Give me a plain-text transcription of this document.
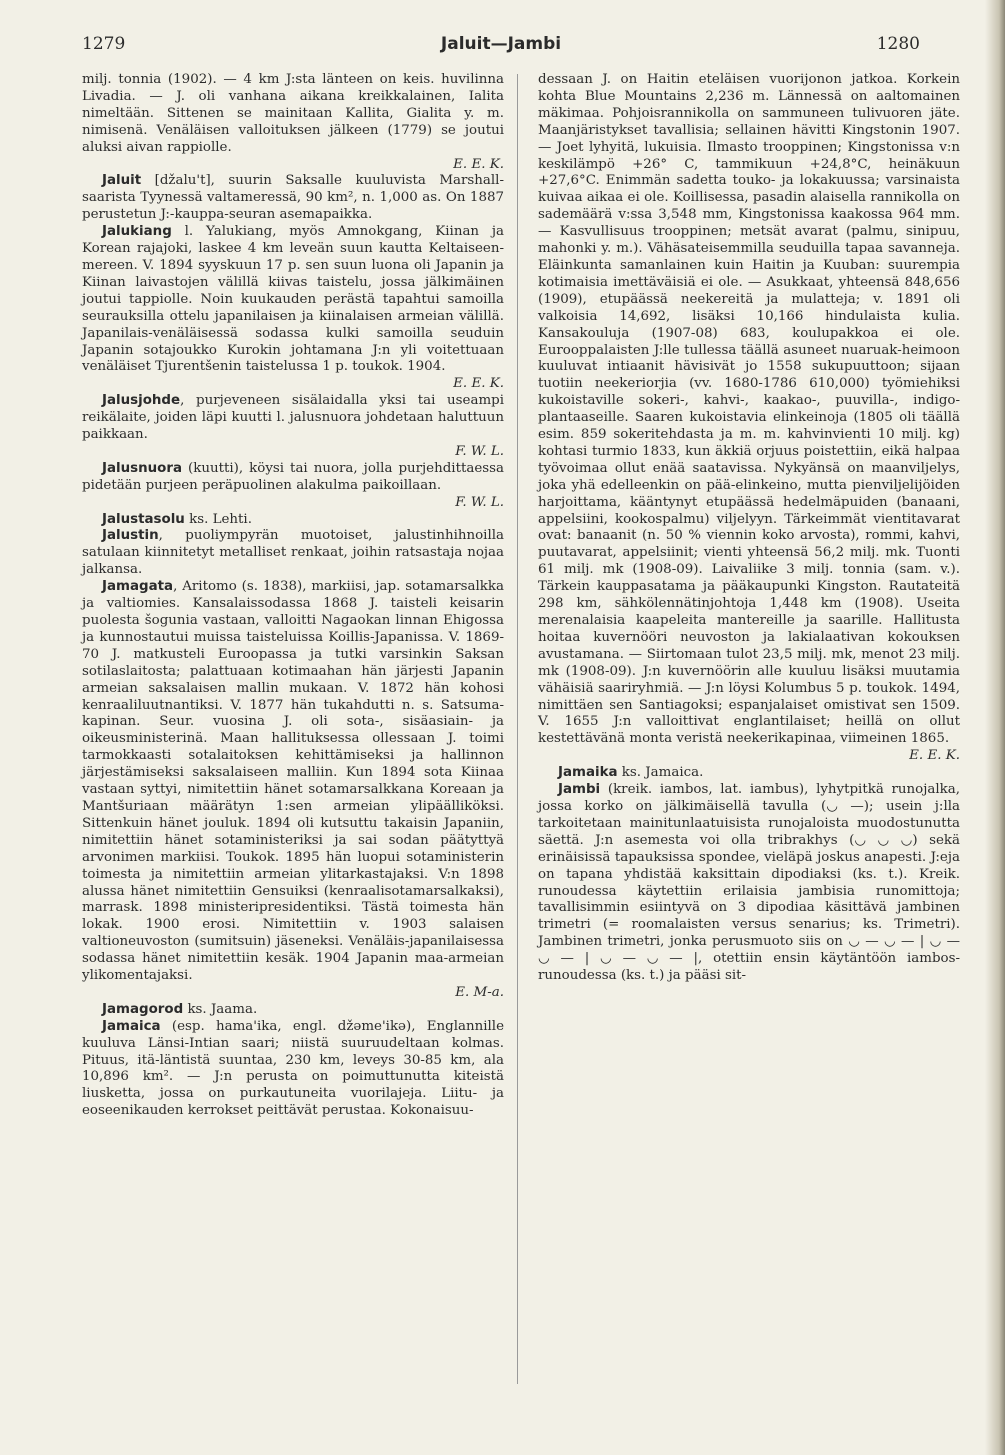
1279	Jaluit—Jambi	1280

milj. tonnia (1902). — 4 km J:sta länteen on keis. huvilinna Livadia. — J. oli vanhana aikana kreikkalainen, Ialita nimeltään. Sittenen se mainitaan Kallita, Gialita y. m. nimisenä. Venäläisen valloituksen jälkeen (1779) se joutui aluksi aivan rappiolle.

E. E. K.

Jaluit [džalu't], suurin Saksalle kuuluvista Marshall-saarista Tyynessä valtameressä, 90 km², n. 1,000 as. On 1887 perustetun J:-kauppa-seuran asemapaikka.

Jalukiang l. Yalukiang, myös Amnokgang, Kiinan ja Korean rajajoki, laskee 4 km leveän suun kautta Keltaiseen-mereen. V. 1894 syyskuun 17 p. sen suun luona oli Japanin ja Kiinan laivastojen välillä kiivas taistelu, jossa jälkimäinen joutui tappiolle. Noin kuukauden perästä tapahtui samoilla seurauksilla ottelu japanilaisen ja kiinalaisen armeian välillä. Japanilais-venäläisessä sodassa kulki samoilla seuduin Japanin sotajoukko Kurokin johtamana J:n yli voitettuaan venäläiset Tjurentšenin taistelussa 1 p. toukok. 1904.

E. E. K.

Jalusjohde, purjeveneen sisälaidalla yksi tai useampi reikälaite, joiden läpi kuutti l. jalusnuora johdetaan haluttuun paikkaan.

F. W. L.

Jalusnuora (kuutti), köysi tai nuora, jolla purjehdittaessa pidetään purjeen peräpuolinen alakulma paikoillaan.

F. W. L.

Jalustasolu ks. Lehti.

Jalustin, puoliympyrän muotoiset, jalustinhihnoilla satulaan kiinnitetyt metalliset renkaat, joihin ratsastaja nojaa jalkansa.

Jamagata, Aritomo (s. 1838), markiisi, jap. sotamarsalkka ja valtiomies. Kansalaissodassa 1868 J. taisteli keisarin puolesta šogunia vastaan, valloitti Nagaokan linnan Ehigossa ja kunnostautui muissa taisteluissa Koillis-Japanissa. V. 1869-70 J. matkusteli Euroopassa ja tutki varsinkin Saksan sotilaslaitosta; palattuaan kotimaahan hän järjesti Japanin armeian saksalaisen mallin mukaan. V. 1872 hän kohosi kenraaliluutnantiksi. V. 1877 hän tukahdutti n. s. Satsuma-kapinan. Seur. vuosina J. oli sota-, sisäasiain- ja oikeusministerinä. Maan hallituksessa ollessaan J. toimi tarmokkaasti sotalaitoksen kehittämiseksi ja hallinnon järjestämiseksi saksalaiseen malliin. Kun 1894 sota Kiinaa vastaan syttyi, nimitettiin hänet sotamarsalkkana Koreaan ja Mantšuriaan määrätyn 1:sen armeian ylipäälliköksi. Sittenkuin hänet jouluk. 1894 oli kutsuttu takaisin Japaniin, nimitettiin hänet sotaministeriksi ja sai sodan päätyttyä arvonimen markiisi. Toukok. 1895 hän luopui sotaministerin toimesta ja nimitettiin armeian ylitarkastajaksi. V:n 1898 alussa hänet nimitettiin Gensuiksi (kenraalisotamarsalkaksi), marrask. 1898 ministeripresidentiksi. Tästä toimesta hän lokak. 1900 erosi. Nimitettiin v. 1903 salaisen valtioneuvoston (sumitsuin) jäseneksi. Venäläis-japanilaisessa sodassa hänet nimitettiin kesäk. 1904 Japanin maa-armeian ylikomentajaksi.

E. M-a.

Jamagorod ks. Jaama.

Jamaica (esp. hama'ika, engl. džəme'ikə), Englannille kuuluva Länsi-Intian saari; niistä suuruudeltaan kolmas. Pituus, itä-läntistä suuntaa, 230 km, leveys 30-85 km, ala 10,896 km². — J:n perusta on poimuttunutta kiteistä liusketta, jossa on purkautuneita vuorilajeja. Liitu- ja eoseenikauden kerrokset peittävät perustaa. Kokonaisuu-

dessaan J. on Haitin eteläisen vuorijonon jatkoa. Korkein kohta Blue Mountains 2,236 m. Lännessä on aaltomainen mäkimaa. Pohjoisrannikolla on sammuneen tulivuoren jäte. Maanjäristykset tavallisia; sellainen hävitti Kingstonin 1907. — Joet lyhyitä, lukuisia. Ilmasto trooppinen; Kingstonissa v:n keskilämpö +26° C, tammikuun +24,8°C, heinäkuun +27,6°C. Enimmän sadetta touko- ja lokakuussa; varsinaista kuivaa aikaa ei ole. Koillisessa, pasadin alaisella rannikolla on sademäärä v:ssa 3,548 mm, Kingstonissa kaakossa 964 mm. — Kasvullisuus trooppinen; metsät avarat (palmu, sinipuu, mahonki y. m.). Vähäsateisemmilla seuduilla tapaa savanneja. Eläinkunta samanlainen kuin Haitin ja Kuuban: suurempia kotimaisia imettäväisiä ei ole. — Asukkaat, yhteensä 848,656 (1909), etupäässä neekereitä ja mulatteja; v. 1891 oli valkoisia 14,692, lisäksi 10,166 hindulaista kulia. Kansakouluja (1907-08) 683, koulupakkoa ei ole. Eurooppalaisten J:lle tullessa täällä asuneet nuaruak-heimoon kuuluvat intiaanit hävisivät jo 1558 sukupuuttoon; sijaan tuotiin neekeriorjia (vv. 1680-1786 610,000) työmiehiksi kukoistaville sokeri-, kahvi-, kaakao-, puuvilla-, indigo-plantaaseille. Saaren kukoistavia elinkeinoja (1805 oli täällä esim. 859 sokeritehdasta ja m. m. kahvinvienti 10 milj. kg) kohtasi turmio 1833, kun äkkiä orjuus poistettiin, eikä halpaa työvoimaa ollut enää saatavissa. Nykyänsä on maanviljelys, joka yhä edelleenkin on pää-elinkeino, mutta pienviljelijöiden harjoittama, kääntynyt etupäässä hedelmäpuiden (banaani, appelsiini, kookospalmu) viljelyyn. Tärkeimmät vientitavarat ovat: banaanit (n. 50 % viennin koko arvosta), rommi, kahvi, puutavarat, appelsiinit; vienti yhteensä 56,2 milj. mk. Tuonti 61 milj. mk (1908-09). Laivaliike 3 milj. tonnia (sam. v.). Tärkein kauppasatama ja pääkaupunki Kingston. Rautateitä 298 km, sähkölennätinjohtoja 1,448 km (1908). Useita merenalaisia kaapeleita mantereille ja saarille. Hallitusta hoitaa kuvernööri neuvoston ja lakialaativan kokouksen avustamana. — Siirtomaan tulot 23,5 milj. mk, menot 23 milj. mk (1908-09). J:n kuvernöörin alle kuuluu lisäksi muutamia vähäisiä saariryhmiä. — J:n löysi Kolumbus 5 p. toukok. 1494, nimittäen sen Santiagoksi; espanjalaiset omistivat sen 1509. V. 1655 J:n valloittivat englantilaiset; heillä on ollut kestettävänä monta veristä neekerikapinaa, viimeinen 1865.

E. E. K.

Jamaika ks. Jamaica.

Jambi (kreik. iambos, lat. iambus), lyhytpitkä runojalka, jossa korko on jälkimäisellä tavulla (◡ —); usein j:lla tarkoitetaan mainitunlaatuisista runojaloista muodostunutta säettä. J:n asemesta voi olla tribrakhys (◡ ◡ ◡) sekä erinäisissä tapauksissa spondee, vieläpä joskus anapesti. J:eja on tapana yhdistää kaksittain dipodiaksi (ks. t.). Kreik. runoudessa käytettiin erilaisia jambisia runomittoja; tavallisimmin esiintyvä on 3 dipodiaa käsittävä jambinen trimetri (= roomalaisten versus senarius; ks. Trimetri). Jambinen trimetri, jonka perusmuoto siis on ◡ — ◡ — | ◡ — ◡ — | ◡ — ◡ — |, otettiin ensin käytäntöön iambos-runoudessa (ks. t.) ja pääsi sit-
